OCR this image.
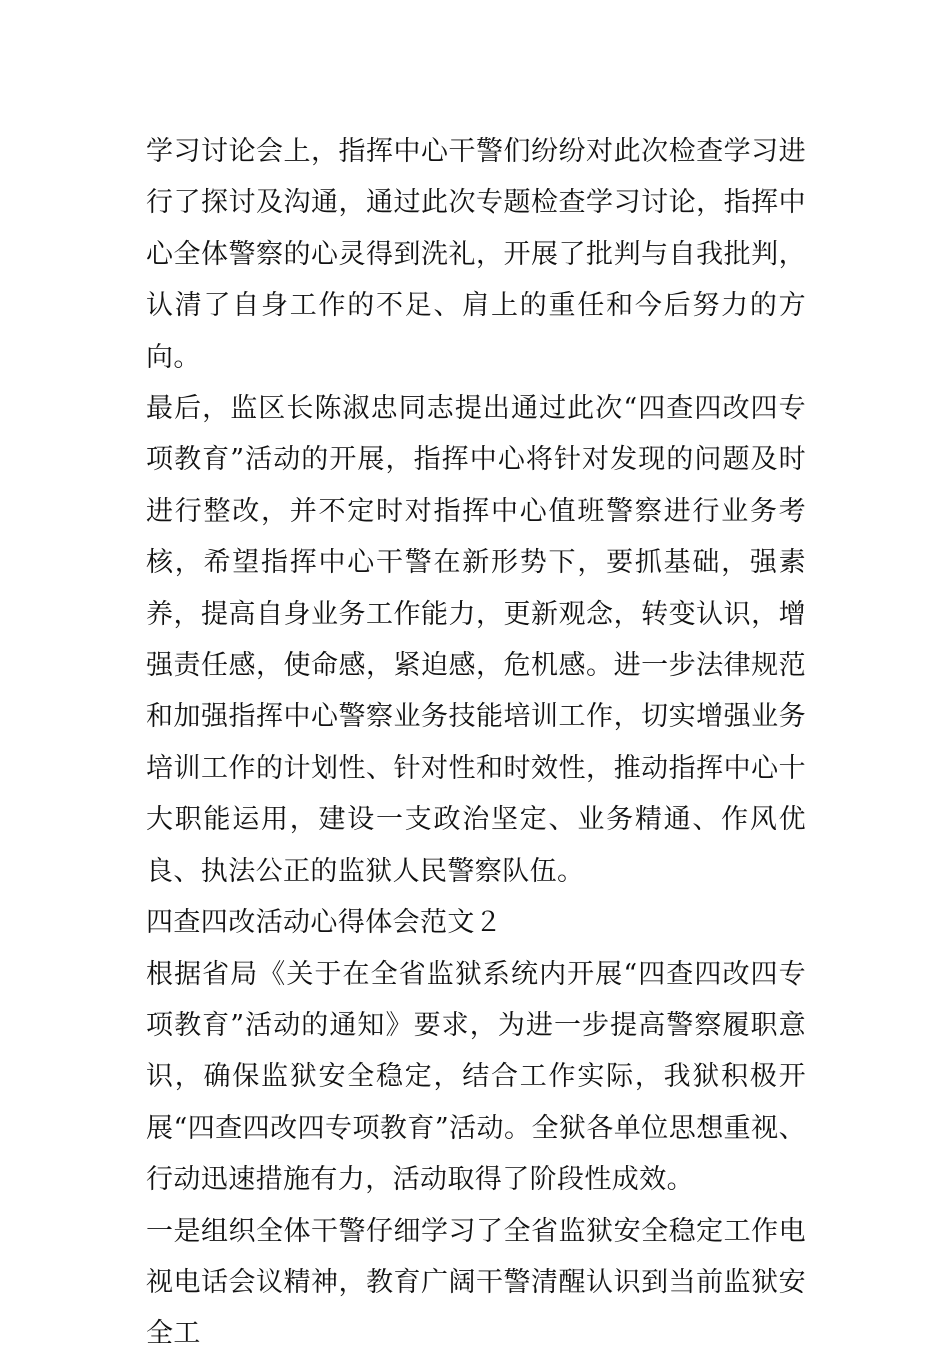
学习讨论会上，指挥中心干警们纷纷对此次检查学习进行了探讨及沟通，通过此次专题检查学习讨论，指挥中心全体警察的心灵得到洗礼，开展了批判与自我批判，认清了自身工作的不足、肩上的重任和今后努力的方向。

最后，监区长陈淑忠同志提出通过此次“四查四改四专项教育”活动的开展，指挥中心将针对发现的问题及时进行整改，并不定时对指挥中心值班警察进行业务考核，希望指挥中心干警在新形势下，要抓基础，强素养，提高自身业务工作能力，更新观念，转变认识，增强责任感，使命感，紧迫感，危机感。进一步法律规范和加强指挥中心警察业务技能培训工作，切实增强业务培训工作的计划性、针对性和时效性，推动指挥中心十大职能运用，建设一支政治坚定、业务精通、作风优良、执法公正的监狱人民警察队伍。

四查四改活动心得体会范文２

根据省局《关于在全省监狱系统内开展“四查四改四专项教育”活动的通知》要求，为进一步提高警察履职意识，确保监狱安全稳定，结合工作实际，我狱积极开展“四查四改四专项教育”活动。全狱各单位思想重视、行动迅速措施有力，活动取得了阶段性成效。

一是组织全体干警仔细学习了全省监狱安全稳定工作电视电话会议精神，教育广阔干警清醒认识到当前监狱安全工
